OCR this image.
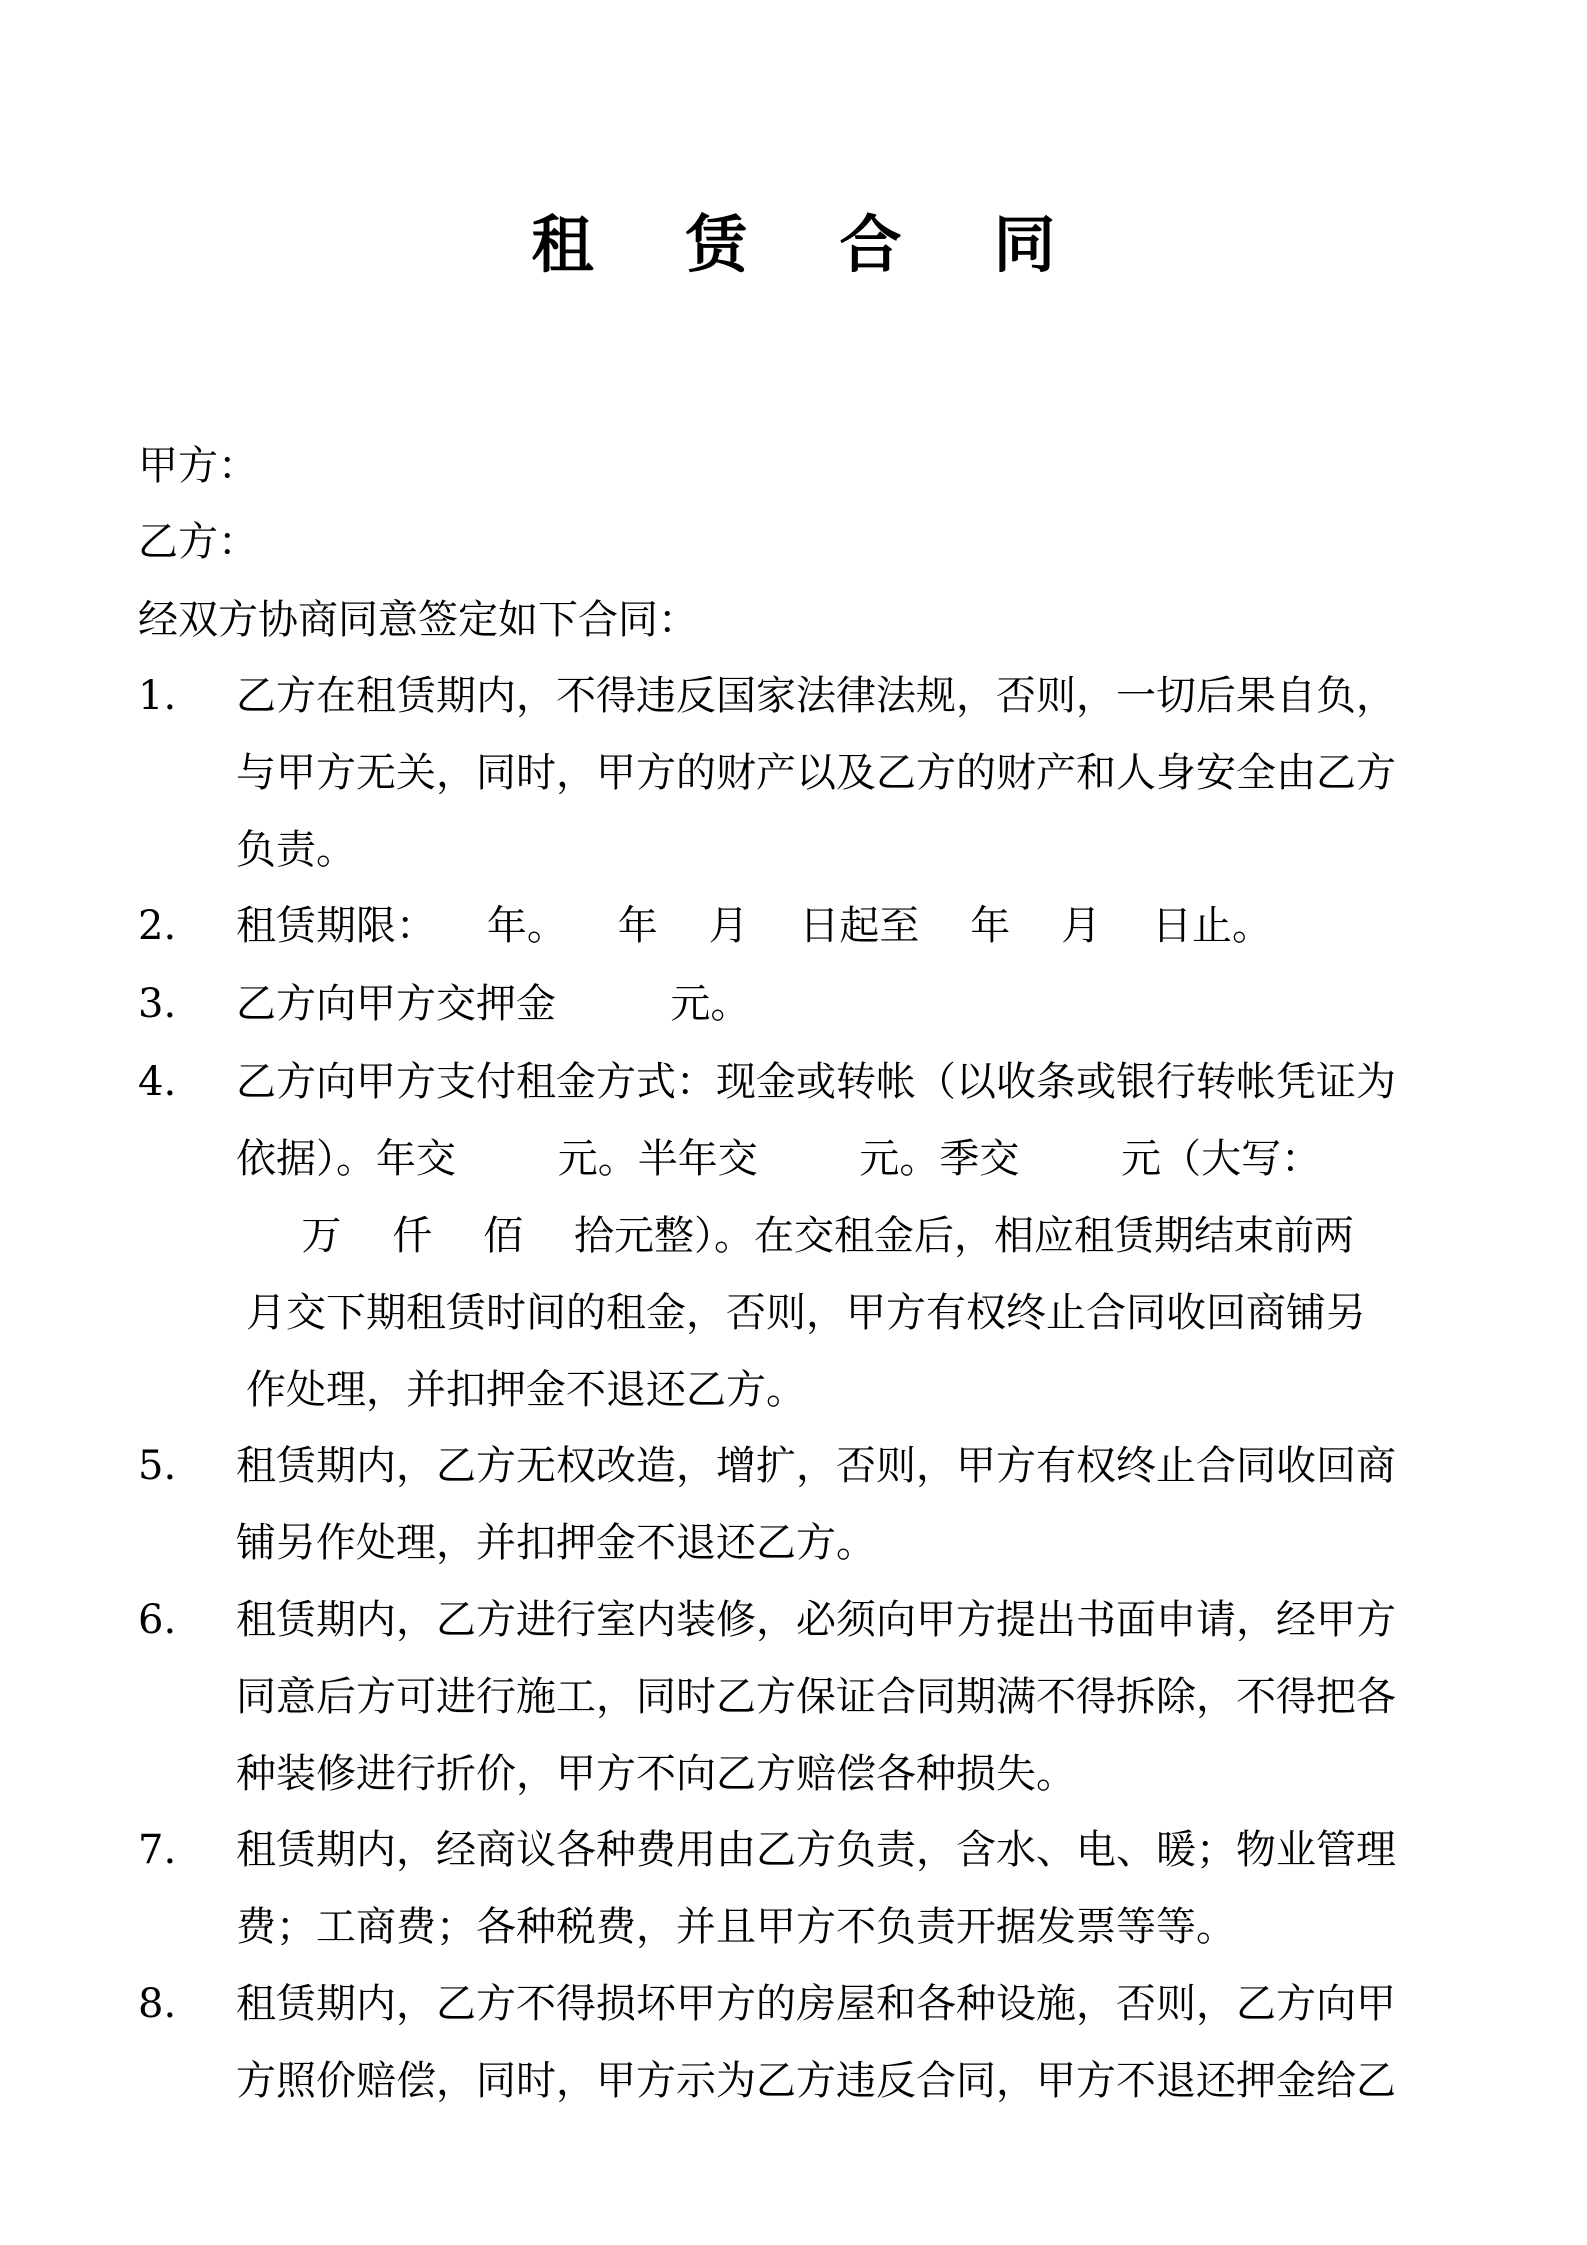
租 赁 合 同
甲方：
乙方：
经双方协商同意签定如下合同：
1. 乙方在租赁期内，不得违反国家法律法规，否则，一切后果自负，
与甲方无关，同时，甲方的财产以及乙方的财产和人身安全由乙方
负责。
2. 租赁期限：    年。    年    月    日起至    年    月    日止。
3. 乙方向甲方交押金         元。
4. 乙方向甲方支付租金方式：现金或转帐（以收条或银行转帐凭证为
依据）。年交        元。半年交        元。季交        元（大写：
万    仟    佰    拾元整）。在交租金后，相应租赁期结束前两
月交下期租赁时间的租金，否则，甲方有权终止合同收回商铺另
作处理，并扣押金不退还乙方。
5. 租赁期内，乙方无权改造，增扩，否则，甲方有权终止合同收回商
铺另作处理，并扣押金不退还乙方。
6. 租赁期内，乙方进行室内装修，必须向甲方提出书面申请，经甲方
同意后方可进行施工，同时乙方保证合同期满不得拆除，不得把各
种装修进行折价，甲方不向乙方赔偿各种损失。
7. 租赁期内，经商议各种费用由乙方负责，含水、电、暖；物业管理
费；工商费；各种税费，并且甲方不负责开据发票等等。
8. 租赁期内，乙方不得损坏甲方的房屋和各种设施，否则，乙方向甲
方照价赔偿，同时，甲方示为乙方违反合同，甲方不退还押金给乙
